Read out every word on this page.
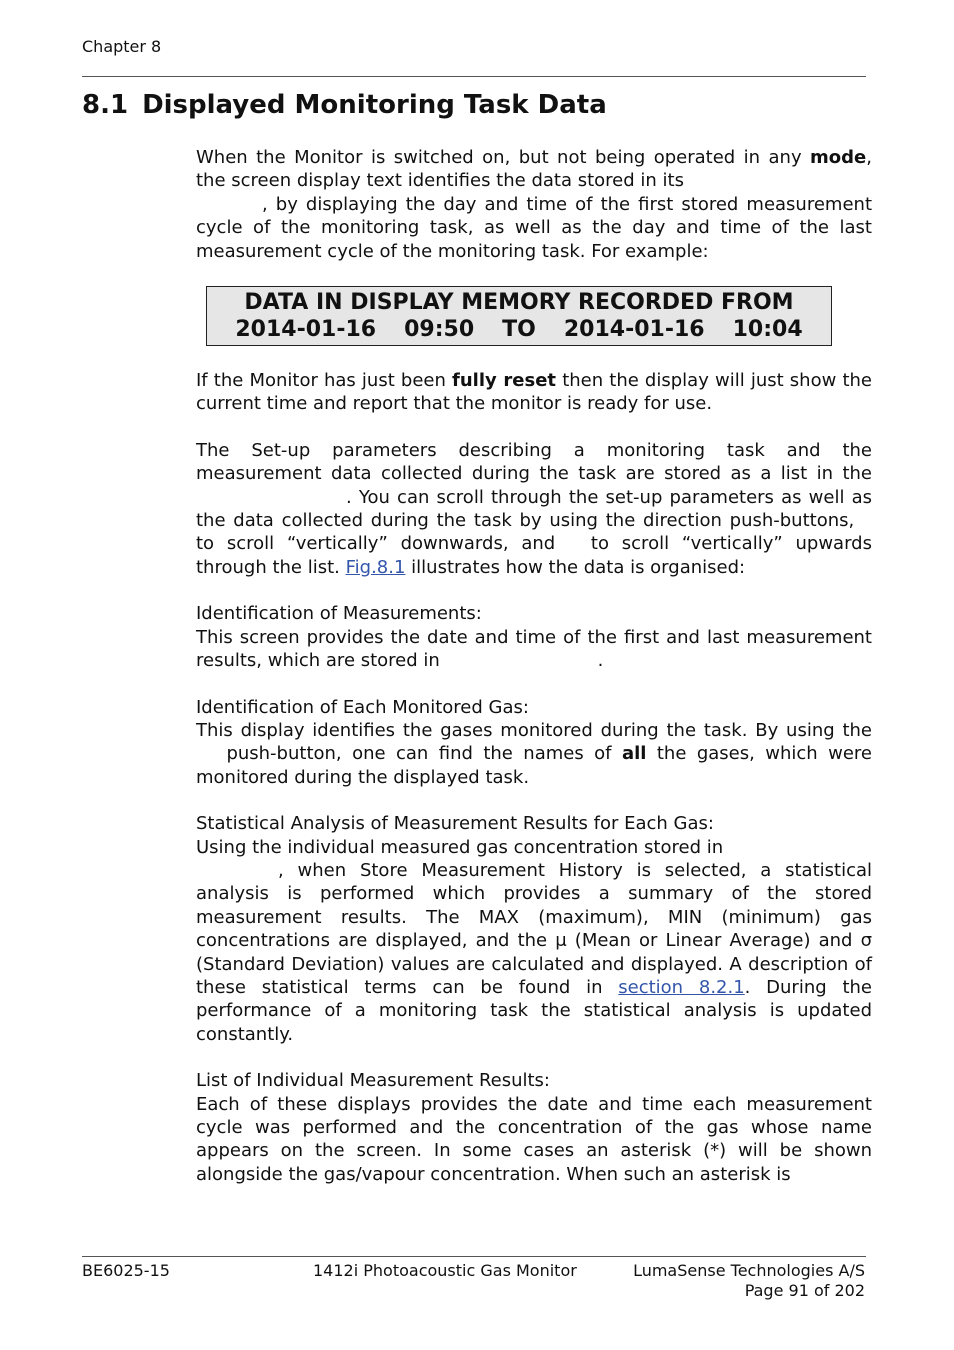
Chapter 8
8.1 Displayed Monitoring Task Data

When the Monitor is switched on, but not being operated in any mode, the screen display text identifies the data stored in its
, by displaying the day and time of the first stored measurement cycle of the monitoring task, as well as the day and time of the last measurement cycle of the monitoring task. For example:

DATA IN DISPLAY MEMORY RECORDED FROM
2014-01-16 09:50 TO 2014-01-16 10:04

If the Monitor has just been fully reset then the display will just show the current time and report that the monitor is ready for use.

The Set-up parameters describing a monitoring task and the measurement data collected during the task are stored as a list in the . You can scroll through the set-up parameters as well as the data collected during the task by using the direction push-buttons,  to scroll “vertically” downwards, and to scroll “vertically” upwards through the list. Fig.8.1 illustrates how the data is organised:

Identification of Measurements:

This screen provides the date and time of the first and last measurement results, which are stored in	.

Identification of Each Monitored Gas:

This display identifies the gases monitored during the task. By using the  push-button, one can find the names of all the gases, which were monitored during the displayed task.

Statistical Analysis of Measurement Results for Each Gas:

Using the individual measured gas concentration stored in
, when Store Measurement History is selected, a statistical analysis is performed which provides a summary of the stored measurement results. The MAX (maximum), MIN (minimum) gas concentrations are displayed, and the μ (Mean or Linear Average) and σ (Standard Deviation) values are calculated and displayed. A description of these statistical terms can be found in section 8.2.1. During the performance of a monitoring task the statistical analysis is updated constantly.

List of Individual Measurement Results:

Each of these displays provides the date and time each measurement cycle was performed and the concentration of the gas whose name appears on the screen. In some cases an asterisk (*) will be shown alongside the gas/vapour concentration. When such an asterisk is

BE6025-15	1412i Photoacoustic Gas Monitor	LumaSense Technologies A/S
Page 91 of 202
